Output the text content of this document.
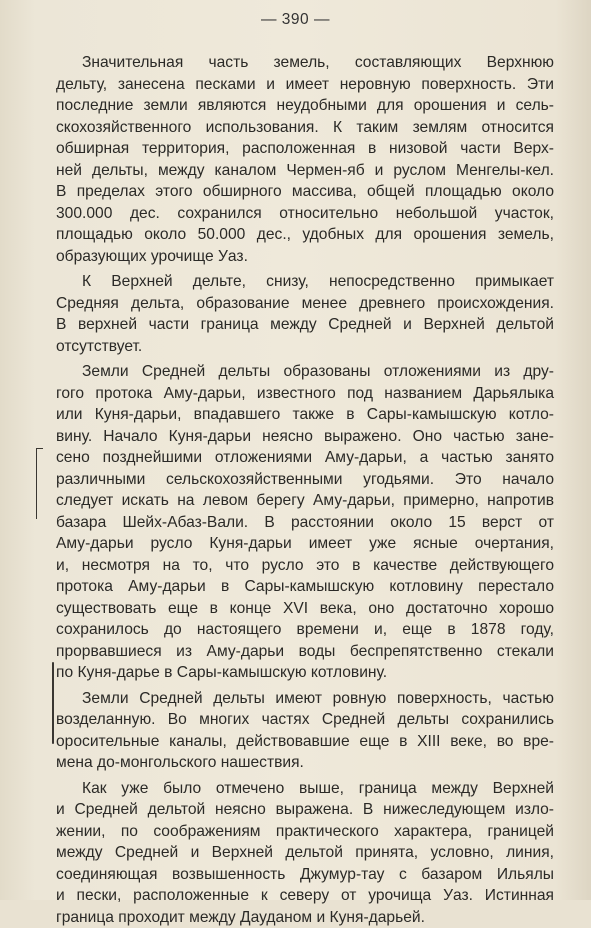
— 390 —
Значительная часть земель, составляющих Верхнюю
дельту, занесена песками и имеет неровную поверхность. Эти
последние земли являются неудобными для орошения и сель-
скохозяйственного использования. К таким землям относится
обширная территория, расположенная в низовой части Верх-
ней дельты, между каналом Чермен-яб и руслом Менгелы-кел.
В пределах этого обширного массива, общей площадью около
300.000 дес. сохранился относительно небольшой участок,
площадью около 50.000 дес., удобных для орошения земель,
образующих урочище Уаз.
К Верхней дельте, снизу, непосредственно примыкает
Средняя дельта, образование менее древнего происхождения.
В верхней части граница между Средней и Верхней дельтой
отсутствует.
Земли Средней дельты образованы отложениями из дру-
гого протока Аму-дарьи, известного под названием Дарьялыка
или Куня-дарьи, впадавшего также в Сары-камышскую котло-
вину. Начало Куня-дарьи неясно выражено. Оно частью зане-
сено позднейшими отложениями Аму-дарьи, а частью занято
различными сельскохозяйственными угодьями. Это начало
следует искать на левом берегу Аму-дарьи, примерно, напротив
базара Шейх-Абаз-Вали. В расстоянии около 15 верст от
Аму-дарьи русло Куня-дарьи имеет уже ясные очертания,
и, несмотря на то, что русло это в качестве действующего
протока Аму-дарьи в Сары-камышскую котловину перестало
существовать еще в конце XVI века, оно достаточно хорошо
сохранилось до настоящего времени и, еще в 1878 году,
прорвавшиеся из Аму-дарьи воды беспрепятственно стекали
по Куня-дарье в Сары-камышскую котловину.
Земли Средней дельты имеют ровную поверхность, частью
возделанную. Во многих частях Средней дельты сохранились
оросительные каналы, действовавшие еще в XIII веке, во вре-
мена до-монгольского нашествия.
Как уже было отмечено выше, граница между Верхней
и Средней дельтой неясно выражена. В нижеследующем изло-
жении, по соображениям практического характера, границей
между Средней и Верхней дельтой принята, условно, линия,
соединяющая возвышенность Джумур-тау с базаром Ильялы
и пески, расположенные к северу от урочища Уаз. Истинная
граница проходит между Дауданом и Куня-дарьей.
